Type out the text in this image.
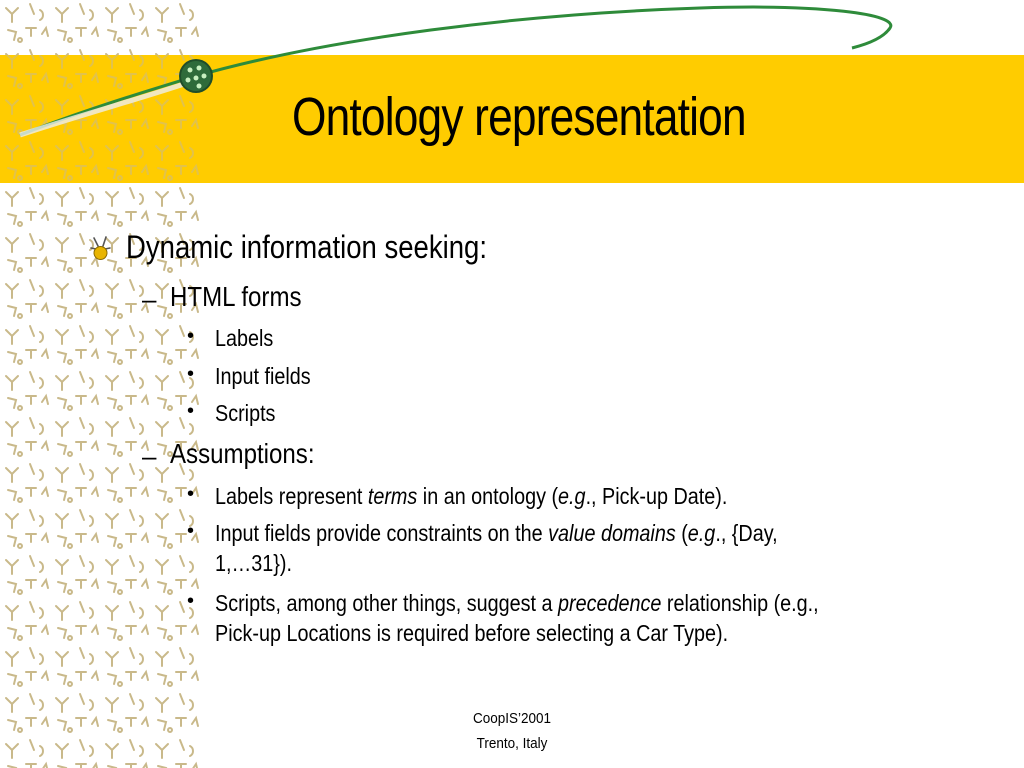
Ontology representation
Dynamic information seeking:
– HTML forms
• Labels
• Input fields
• Scripts
– Assumptions:
• Labels represent terms in an ontology (e.g., Pick-up Date).
• Input fields provide constraints on the value domains (e.g., {Day,
1,…31}).
• Scripts, among other things, suggest a precedence relationship (e.g.,
Pick-up Locations is required before selecting a Car Type).
CoopIS’2001
Trento, Italy
